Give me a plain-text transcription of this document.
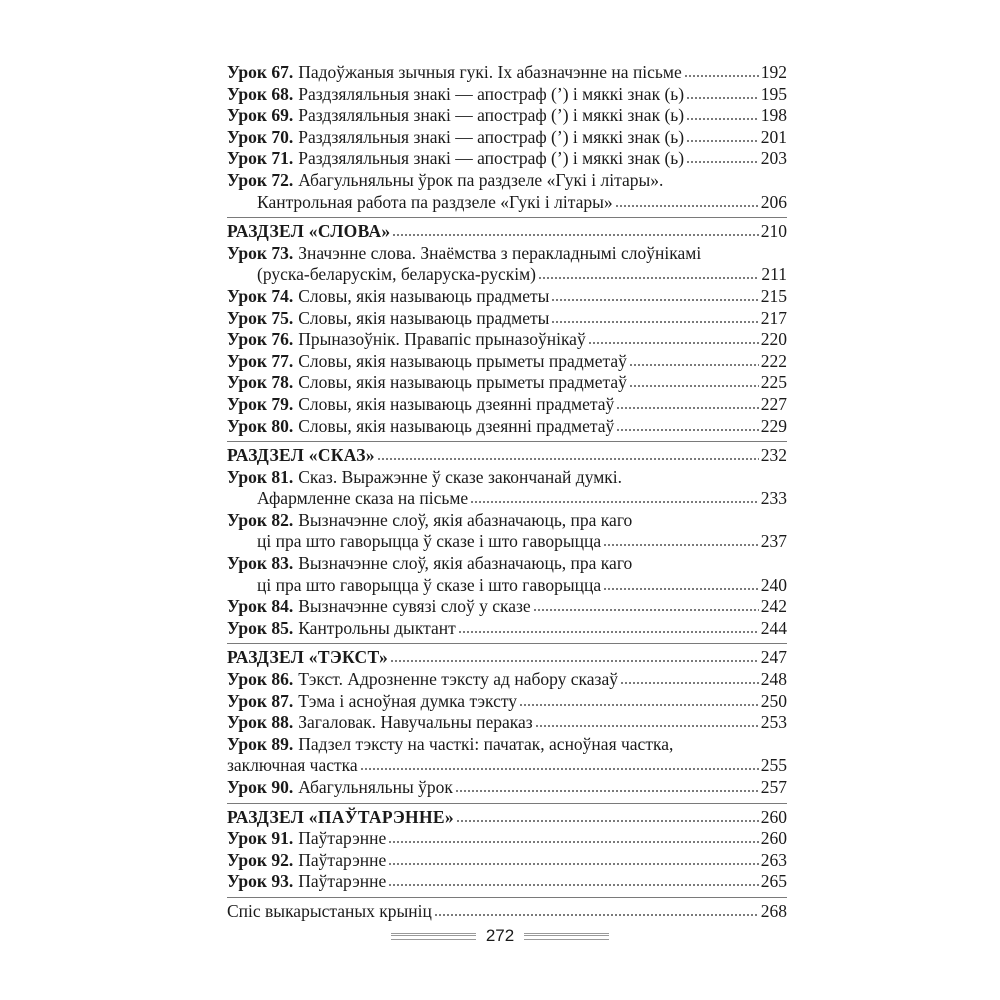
Урок 67. Падоўжаныя зычныя гукі. Іх абазначэнне на пісьме	192
Урок 68. Раздзяляльныя знакі — апостраф (’) і мяккі знак (ь)	195
Урок 69. Раздзяляльныя знакі — апостраф (’) і мяккі знак (ь)	198
Урок 70. Раздзяляльныя знакі — апостраф (’) і мяккі знак (ь)	201
Урок 71. Раздзяляльныя знакі — апостраф (’) і мяккі знак (ь)	203
Урок 72. Абагульняльны ўрок па раздзеле «Гукі і літары».
Кантрольная работа па раздзеле «Гукі і літары»	206
РАЗДЗЕЛ «СЛОВА»	210
Урок 73. Значэнне слова. Знаёмства з перакладнымі слоўнікамі
(руска-беларускім, беларуска-рускім)	211
Урок 74. Словы, якія называюць прадметы	215
Урок 75. Словы, якія называюць прадметы	217
Урок 76. Прыназоўнік. Правапіс прыназоўнікаў	220
Урок 77. Словы, якія называюць прыметы прадметаў	222
Урок 78. Словы, якія называюць прыметы прадметаў	225
Урок 79. Словы, якія называюць дзеянні прадметаў	227
Урок 80. Словы, якія называюць дзеянні прадметаў	229
РАЗДЗЕЛ «СКАЗ»	232
Урок 81. Сказ. Выражэнне ў сказе закончанай думкі.
Афармленне сказа на пісьме	233
Урок 82. Вызначэнне слоў, якія абазначаюць, пра каго
ці пра што гаворыцца ў сказе і што гаворыцца	237
Урок 83. Вызначэнне слоў, якія абазначаюць, пра каго
ці пра што гаворыцца ў сказе і што гаворыцца	240
Урок 84. Вызначэнне сувязі слоў у сказе	242
Урок 85. Кантрольны дыктант	244
РАЗДЗЕЛ «ТЭКСТ»	247
Урок 86. Тэкст. Адрозненне тэксту ад набору сказаў	248
Урок 87. Тэма і асноўная думка тэксту	250
Урок 88. Загаловак. Навучальны пераказ	253
Урок 89. Падзел тэксту на часткі: пачатак, асноўная частка,
заключная частка	255
Урок 90. Абагульняльны ўрок	257
РАЗДЗЕЛ «ПАЎТАРЭННЕ»	260
Урок 91. Паўтарэнне	260
Урок 92. Паўтарэнне	263
Урок 93. Паўтарэнне	265
Спіс выкарыстаных крыніц	268
272
